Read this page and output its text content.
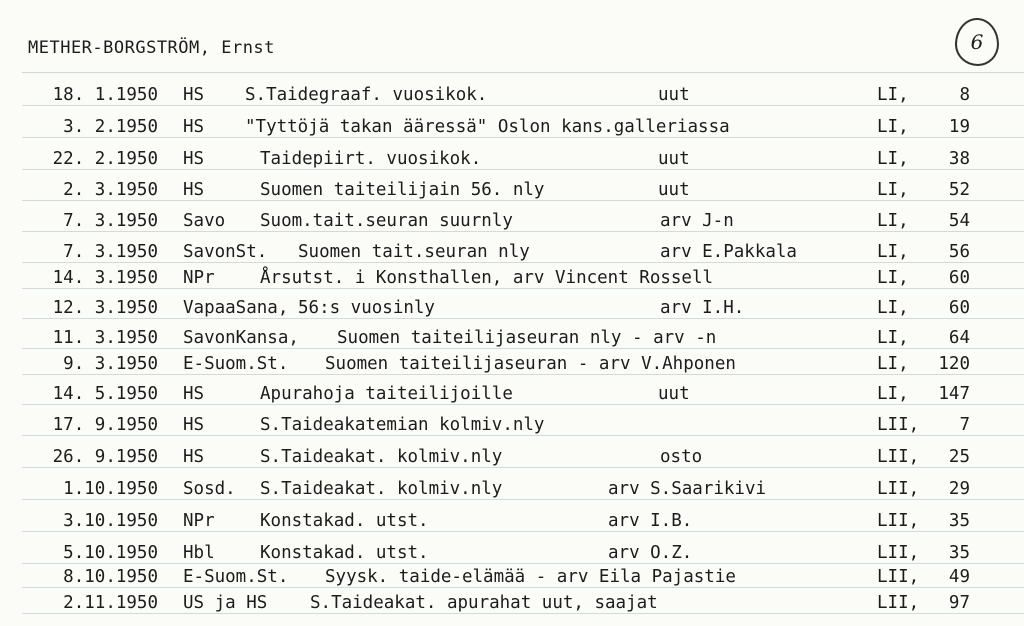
METHER-BORGSTRÖM, Ernst	6
18. 1.1950 HS S.Taidegraaf. vuosikok.	uut	LI,	8
3. 2.1950 HS "Tyttöjä takan ääressä" Oslon kans.galleriassa	LI,	19
22. 2.1950 HS	Taidepiirt. vuosikok.	uut	LI,	38
2. 3.1950 HS	Suomen taiteilijain 56. nly	uut	LI,	52
7. 3.1950 Savo Suom.tait.seuran suurnly	arv J-n	LI,	54
7. 3.1950 SavonSt. Suomen tait.seuran nly	arv E.Pakkala	LI,	56
14. 3.1950 NPr	Årsutst. i Konsthallen, arv Vincent Rossell	LI,	60
12. 3.1950 VapaaSana, 56:s vuosinly	arv I.H.	LI,	60
11. 3.1950 SavonKansa, Suomen taiteilijaseuran nly - arv -n	LI,	64
9. 3.1950 E-Suom.St. Suomen taiteilijaseuran - arv V.Ahponen	LI,	120
14. 5.1950 HS	Apurahoja taiteilijoille	uut	LI,	147
17. 9.1950 HS	S.Taideakatemian kolmiv.nly	LII,	7
26. 9.1950 HS	S.Taideakat. kolmiv.nly	osto	LII,	25
1.10.1950 Sosd. S.Taideakat. kolmiv.nly	arv S.Saarikivi	LII,	29
3.10.1950 NPr	Konstakad. utst.	arv I.B.	LII,	35
5.10.1950 Hbl	Konstakad. utst.	arv O.Z.	LII,	35
8.10.1950 E-Suom.St. Syysk. taide-elämää - arv Eila Pajastie	LII,	49
2.11.1950 US ja HS S.Taideakat. apurahat uut, saajat	LII,	97
